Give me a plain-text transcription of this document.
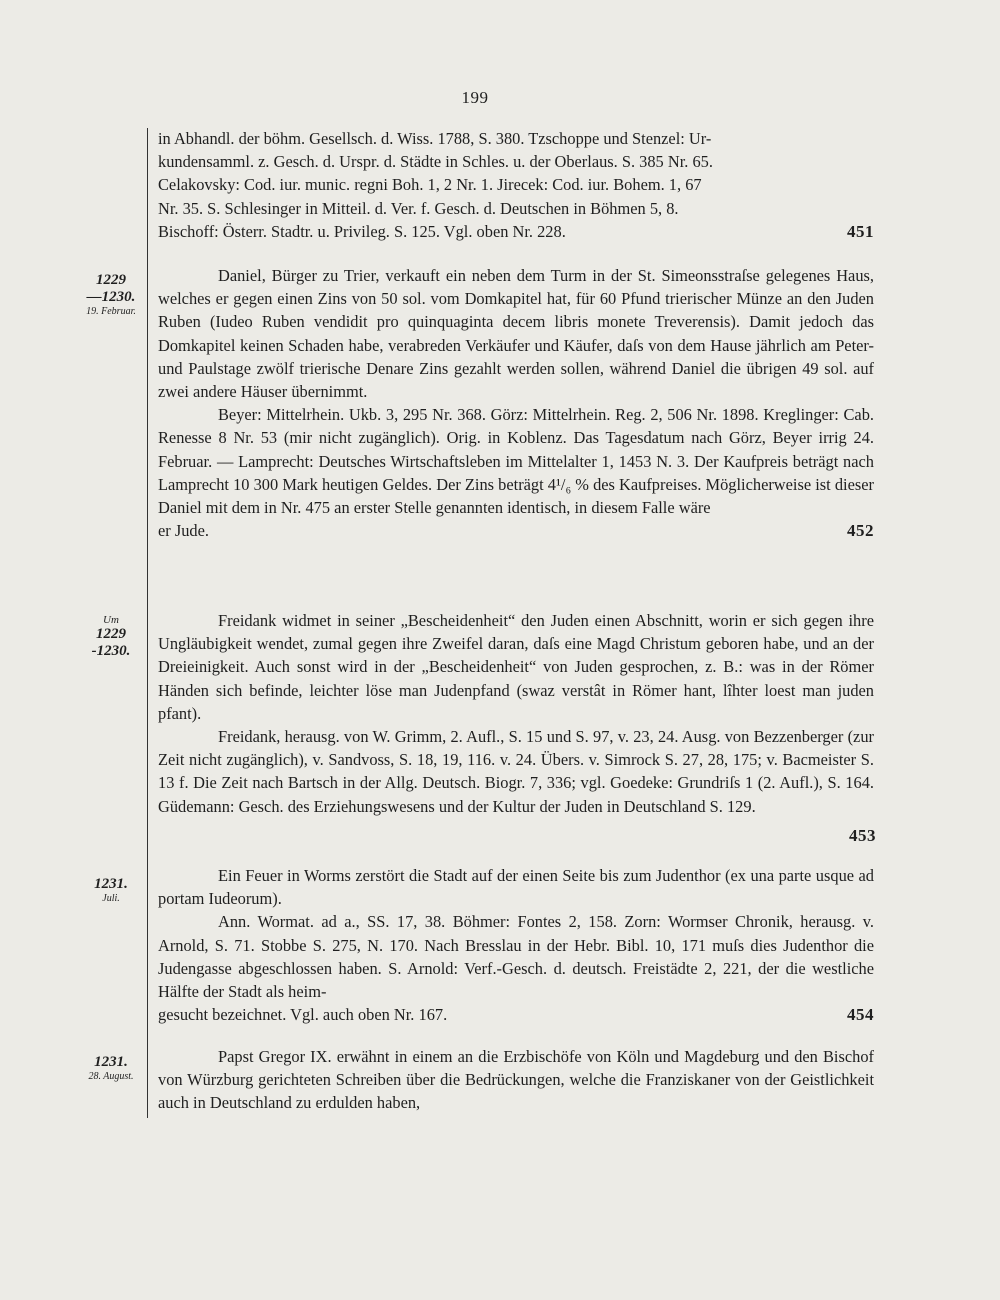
199

in Abhandl. der böhm. Gesellsch. d. Wiss. 1788, S. 380. Tzschoppe und Stenzel: Ur-

kundensamml. z. Gesch. d. Urspr. d. Städte in Schles. u. der Oberlaus. S. 385 Nr. 65.

Celakovsky: Cod. iur. munic. regni Boh. 1, 2 Nr. 1. Jirecek: Cod. iur. Bohem. 1, 67

Nr. 35. S. Schlesinger in Mitteil. d. Ver. f. Gesch. d. Deutschen in Böhmen 5, 8.

Bischoff: Österr. Stadtr. u. Privileg. S. 125. Vgl. oben Nr. 228.	451
1229
—1230.
19. Februar.

Daniel, Bürger zu Trier, verkauft ein neben dem Turm in der St. Simeonsstraſse gelegenes Haus, welches er gegen einen Zins von 50 sol. vom Domkapitel hat, für 60 Pfund trierischer Münze an den Juden Ruben (Iudeo Ruben vendidit pro quinquaginta decem libris monete Treverensis). Damit jedoch das Domkapitel keinen Schaden habe, verabreden Verkäufer und Käufer, daſs von dem Hause jährlich am Peter- und Paulstage zwölf trierische Denare Zins gezahlt werden sollen, während Daniel die übrigen 49 sol. auf zwei andere Häuser übernimmt.

Beyer: Mittelrhein. Ukb. 3, 295 Nr. 368. Görz: Mittelrhein. Reg. 2, 506 Nr. 1898. Kreglinger: Cab. Renesse 8 Nr. 53 (mir nicht zugänglich). Orig. in Koblenz. Das Tagesdatum nach Görz, Beyer irrig 24. Februar. — Lamprecht: Deutsches Wirtschaftsleben im Mittelalter 1, 1453 N. 3. Der Kaufpreis beträgt nach Lamprecht 10 300 Mark heutigen Geldes. Der Zins beträgt 4¹/₆ % des Kaufpreises. Möglicherweise ist dieser Daniel mit dem in Nr. 475 an erster Stelle genannten identisch, in diesem Falle wäre

er Jude.	452
Um
1229
-1230.

Freidank widmet in seiner „Bescheidenheit“ den Juden einen Abschnitt, worin er sich gegen ihre Ungläubigkeit wendet, zumal gegen ihre Zweifel daran, daſs eine Magd Christum geboren habe, und an der Dreieinigkeit. Auch sonst wird in der „Bescheidenheit“ von Juden gesprochen, z. B.: was in der Römer Händen sich befinde, leichter löse man Judenpfand (swaz verstât in Römer hant, lîhter loest man juden pfant).

Freidank, herausg. von W. Grimm, 2. Aufl., S. 15 und S. 97, v. 23, 24. Ausg. von Bezzenberger (zur Zeit nicht zugänglich), v. Sandvoss, S. 18, 19, 116. v. 24. Übers. v. Simrock S. 27, 28, 175; v. Bacmeister S. 13 f. Die Zeit nach Bartsch in der Allg. Deutsch. Biogr. 7, 336; vgl. Goedeke: Grundriſs 1 (2. Aufl.), S. 164. Güdemann: Gesch. des Erziehungswesens und der Kultur der Juden in Deutschland S. 129.

453
1231.
Juli.

Ein Feuer in Worms zerstört die Stadt auf der einen Seite bis zum Judenthor (ex una parte usque ad portam Iudeorum).

Ann. Wormat. ad a., SS. 17, 38. Böhmer: Fontes 2, 158. Zorn: Wormser Chronik, herausg. v. Arnold, S. 71. Stobbe S. 275, N. 170. Nach Bresslau in der Hebr. Bibl. 10, 171 muſs dies Judenthor die Judengasse abgeschlossen haben. S. Arnold: Verf.-Gesch. d. deutsch. Freistädte 2, 221, der die westliche Hälfte der Stadt als heim-

gesucht bezeichnet. Vgl. auch oben Nr. 167.	454
1231.
28. August.

Papst Gregor IX. erwähnt in einem an die Erzbischöfe von Köln und Magdeburg und den Bischof von Würzburg gerichteten Schreiben über die Bedrückungen, welche die Franziskaner von der Geistlichkeit auch in Deutschland zu erdulden haben,
